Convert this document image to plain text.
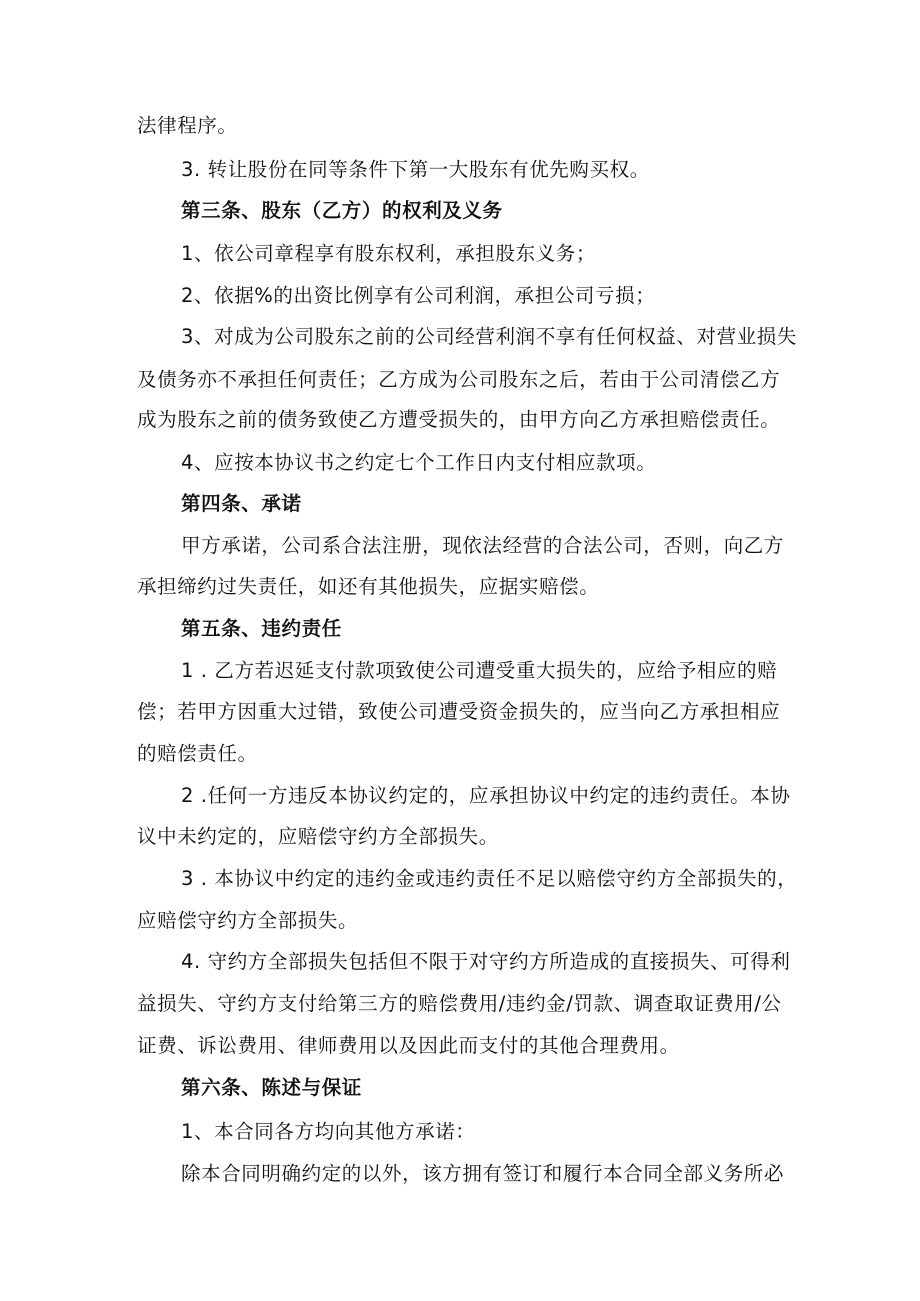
法律程序。
3. 转让股份在同等条件下第一大股东有优先购买权。
第三条、股东（乙方）的权利及义务
1、依公司章程享有股东权利，承担股东义务；
2、依据%的出资比例享有公司利润，承担公司亏损；
3、对成为公司股东之前的公司经营利润不享有任何权益、对营业损失
及债务亦不承担任何责任；乙方成为公司股东之后，若由于公司清偿乙方
成为股东之前的债务致使乙方遭受损失的，由甲方向乙方承担赔偿责任。
4、应按本协议书之约定七个工作日内支付相应款项。
第四条、承诺
甲方承诺，公司系合法注册，现依法经营的合法公司，否则，向乙方
承担缔约过失责任，如还有其他损失，应据实赔偿。
第五条、违约责任
1 . 乙方若迟延支付款项致使公司遭受重大损失的，应给予相应的赔
偿；若甲方因重大过错，致使公司遭受资金损失的，应当向乙方承担相应
的赔偿责任。
2 .任何一方违反本协议约定的，应承担协议中约定的违约责任。本协
议中未约定的，应赔偿守约方全部损失。
3 . 本协议中约定的违约金或违约责任不足以赔偿守约方全部损失的，
应赔偿守约方全部损失。
4. 守约方全部损失包括但不限于对守约方所造成的直接损失、可得利
益损失、守约方支付给第三方的赔偿费用/违约金/罚款、调查取证费用/公
证费、诉讼费用、律师费用以及因此而支付的其他合理费用。
第六条、陈述与保证
1、本合同各方均向其他方承诺：
除本合同明确约定的以外，该方拥有签订和履行本合同全部义务所必
